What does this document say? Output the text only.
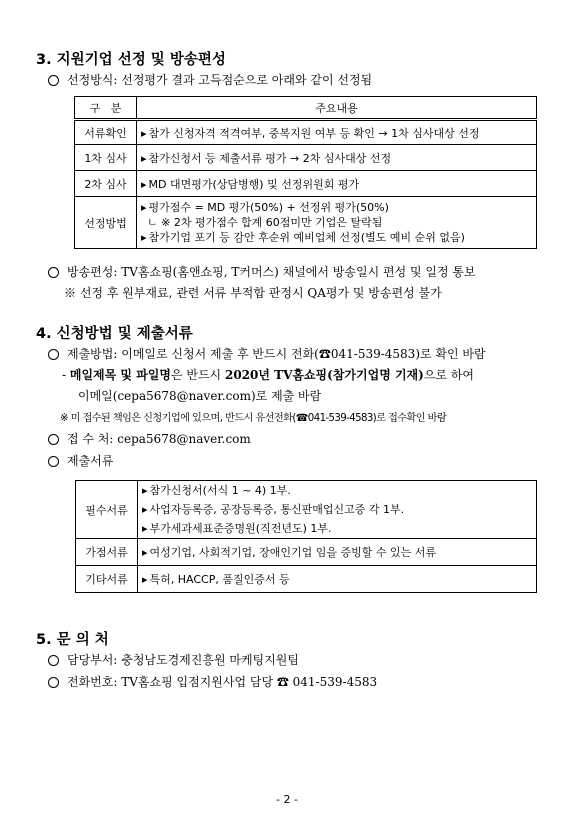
3. 지원기업 선정 및 방송편성
선정방식: 선정평가 결과 고득점순으로 아래와 같이 선정됨
구   분	주요내용
서류확인	▸ 참가 신청자격 적격여부, 중복지원 여부 등 확인 → 1차 심사대상 선정
1차 심사	▸ 참가신청서 등 제출서류 평가 → 2차 심사대상 선정
2차 심사	▸ MD 대면평가(상담병행) 및 선정위원회 평가
선정방법	▸ 평가점수 = MD 평가(50%) + 선정위 평가(50%)
ㄴ ※ 2차 평가점수 합계 60점미만 기업은 탈락됨
▸ 참가기업 포기 등 감안 후순위 예비업체 선정(별도 예비 순위 없음)
방송편성: TV홈쇼핑(홈앤쇼핑, T커머스) 채널에서 방송일시 편성 및 일정 통보
※ 선정 후 원부재료, 관련 서류 부적합 판정시 QA평가 및 방송편성 불가
4. 신청방법 및 제출서류
제출방법: 이메일로 신청서 제출 후 반드시 전화(☎041-539-4583)로 확인 바람
- 메일제목 및 파일명은 반드시 2020년 TV홈쇼핑(참가기업명 기재)으로 하여
이메일(cepa5678@naver.com)로 제출 바람
※ 미 접수된 책임은 신청기업에 있으며, 반드시 유선전화(☎041-539-4583)로 접수확인 바람
접 수 처: cepa5678@naver.com
제출서류
필수서류	▸ 참가신청서(서식 1 ~ 4) 1부.
▸ 사업자등록증, 공장등록증, 통신판매업신고증 각 1부.
▸ 부가세과세표준증명원(직전년도) 1부.

가점서류	▸ 여성기업, 사회적기업, 장애인기업 임을 증빙할 수 있는 서류
기타서류	▸ 특허, HACCP, 품질인증서 등
5. 문 의 처
담당부서: 충청남도경제진흥원 마케팅지원팀
전화번호: TV홈쇼핑 입점지원사업 담당 ☎ 041-539-4583
- 2 -
